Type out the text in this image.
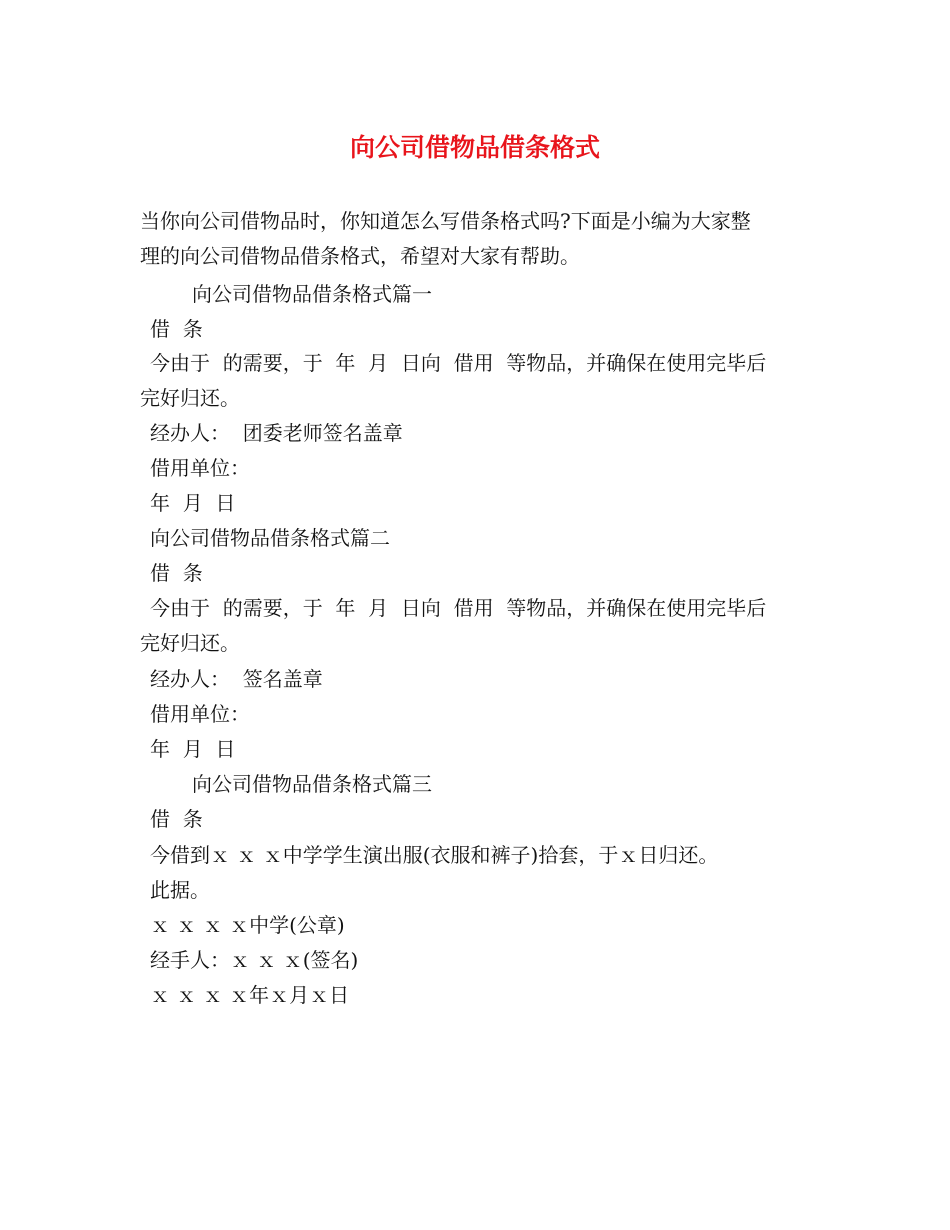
向公司借物品借条格式

当你向公司借物品时，你知道怎么写借条格式吗?下面是小编为大家整

理的向公司借物品借条格式，希望对大家有帮助。

向公司借物品借条格式篇一
借  条
今由于  的需要，于  年  月  日向  借用  等物品，并确保在使用完毕后
完好归还。
经办人：  团委老师签名盖章
借用单位：
年  月  日
向公司借物品借条格式篇二
借  条
今由于  的需要，于  年  月  日向  借用  等物品，并确保在使用完毕后
完好归还。
经办人：  签名盖章
借用单位：
年  月  日
向公司借物品借条格式篇三
借  条
今借到ｘ ｘ ｘ中学学生演出服(衣服和裤子)拾套，于ｘ日归还。
此据。
ｘ ｘ ｘ ｘ中学(公章)
经手人：ｘ ｘ ｘ(签名)
ｘ ｘ ｘ ｘ年ｘ月ｘ日
